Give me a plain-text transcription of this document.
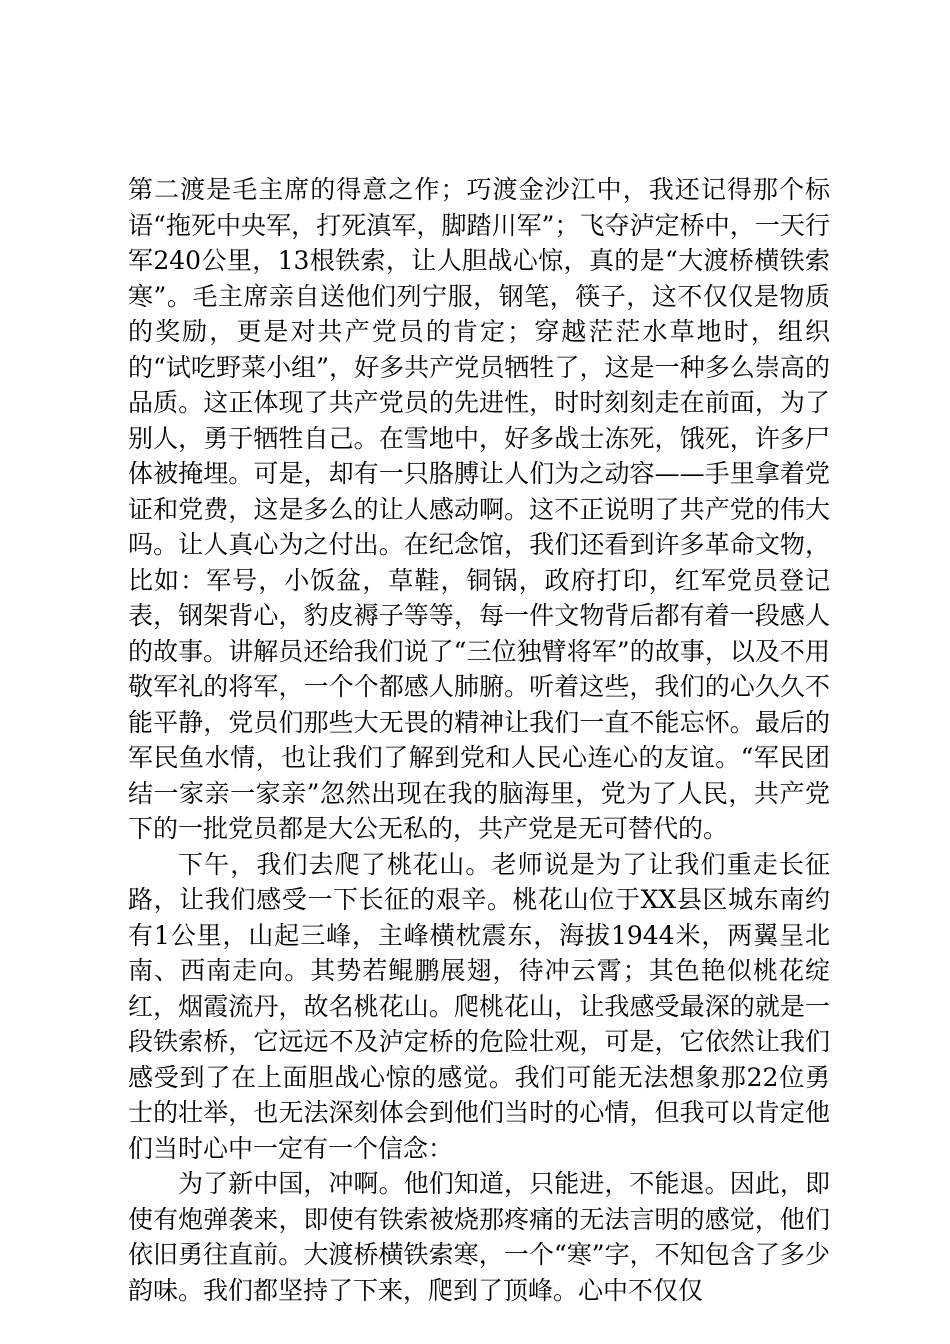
第二渡是毛主席的得意之作；巧渡金沙江中，我还记得那个标语“拖死中央军，打死滇军，脚踏川军”；飞夺泸定桥中，一天行军240公里，13根铁索，让人胆战心惊，真的是“大渡桥横铁索寒”。毛主席亲自送他们列宁服，钢笔，筷子，这不仅仅是物质的奖励，更是对共产党员的肯定；穿越茫茫水草地时，组织的“试吃野菜小组”，好多共产党员牺牲了，这是一种多么崇高的品质。这正体现了共产党员的先进性，时时刻刻走在前面，为了别人，勇于牺牲自己。在雪地中，好多战士冻死，饿死，许多尸体被掩埋。可是，却有一只胳膊让人们为之动容——手里拿着党证和党费，这是多么的让人感动啊。这不正说明了共产党的伟大吗。让人真心为之付出。在纪念馆，我们还看到许多革命文物，比如：军号，小饭盆，草鞋，铜锅，政府打印，红军党员登记表，钢架背心，豹皮褥子等等，每一件文物背后都有着一段感人的故事。讲解员还给我们说了“三位独臂将军”的故事，以及不用敬军礼的将军，一个个都感人肺腑。听着这些，我们的心久久不能平静，党员们那些大无畏的精神让我们一直不能忘怀。最后的军民鱼水情，也让我们了解到党和人民心连心的友谊。“军民团结一家亲一家亲”忽然出现在我的脑海里，党为了人民，共产党下的一批党员都是大公无私的，共产党是无可替代的。

下午，我们去爬了桃花山。老师说是为了让我们重走长征路，让我们感受一下长征的艰辛。桃花山位于XX县区城东南约有1公里，山起三峰，主峰横枕震东，海拔1944米，两翼呈北南、西南走向。其势若鲲鹏展翅，待冲云霄；其色艳似桃花绽红，烟霞流丹，故名桃花山。爬桃花山，让我感受最深的就是一段铁索桥，它远远不及泸定桥的危险壮观，可是，它依然让我们感受到了在上面胆战心惊的感觉。我们可能无法想象那22位勇士的壮举，也无法深刻体会到他们当时的心情，但我可以肯定他们当时心中一定有一个信念：

为了新中国，冲啊。他们知道，只能进，不能退。因此，即使有炮弹袭来，即使有铁索被烧那疼痛的无法言明的感觉，他们依旧勇往直前。大渡桥横铁索寒，一个“寒”字，不知包含了多少韵味。我们都坚持了下来，爬到了顶峰。心中不仅仅
